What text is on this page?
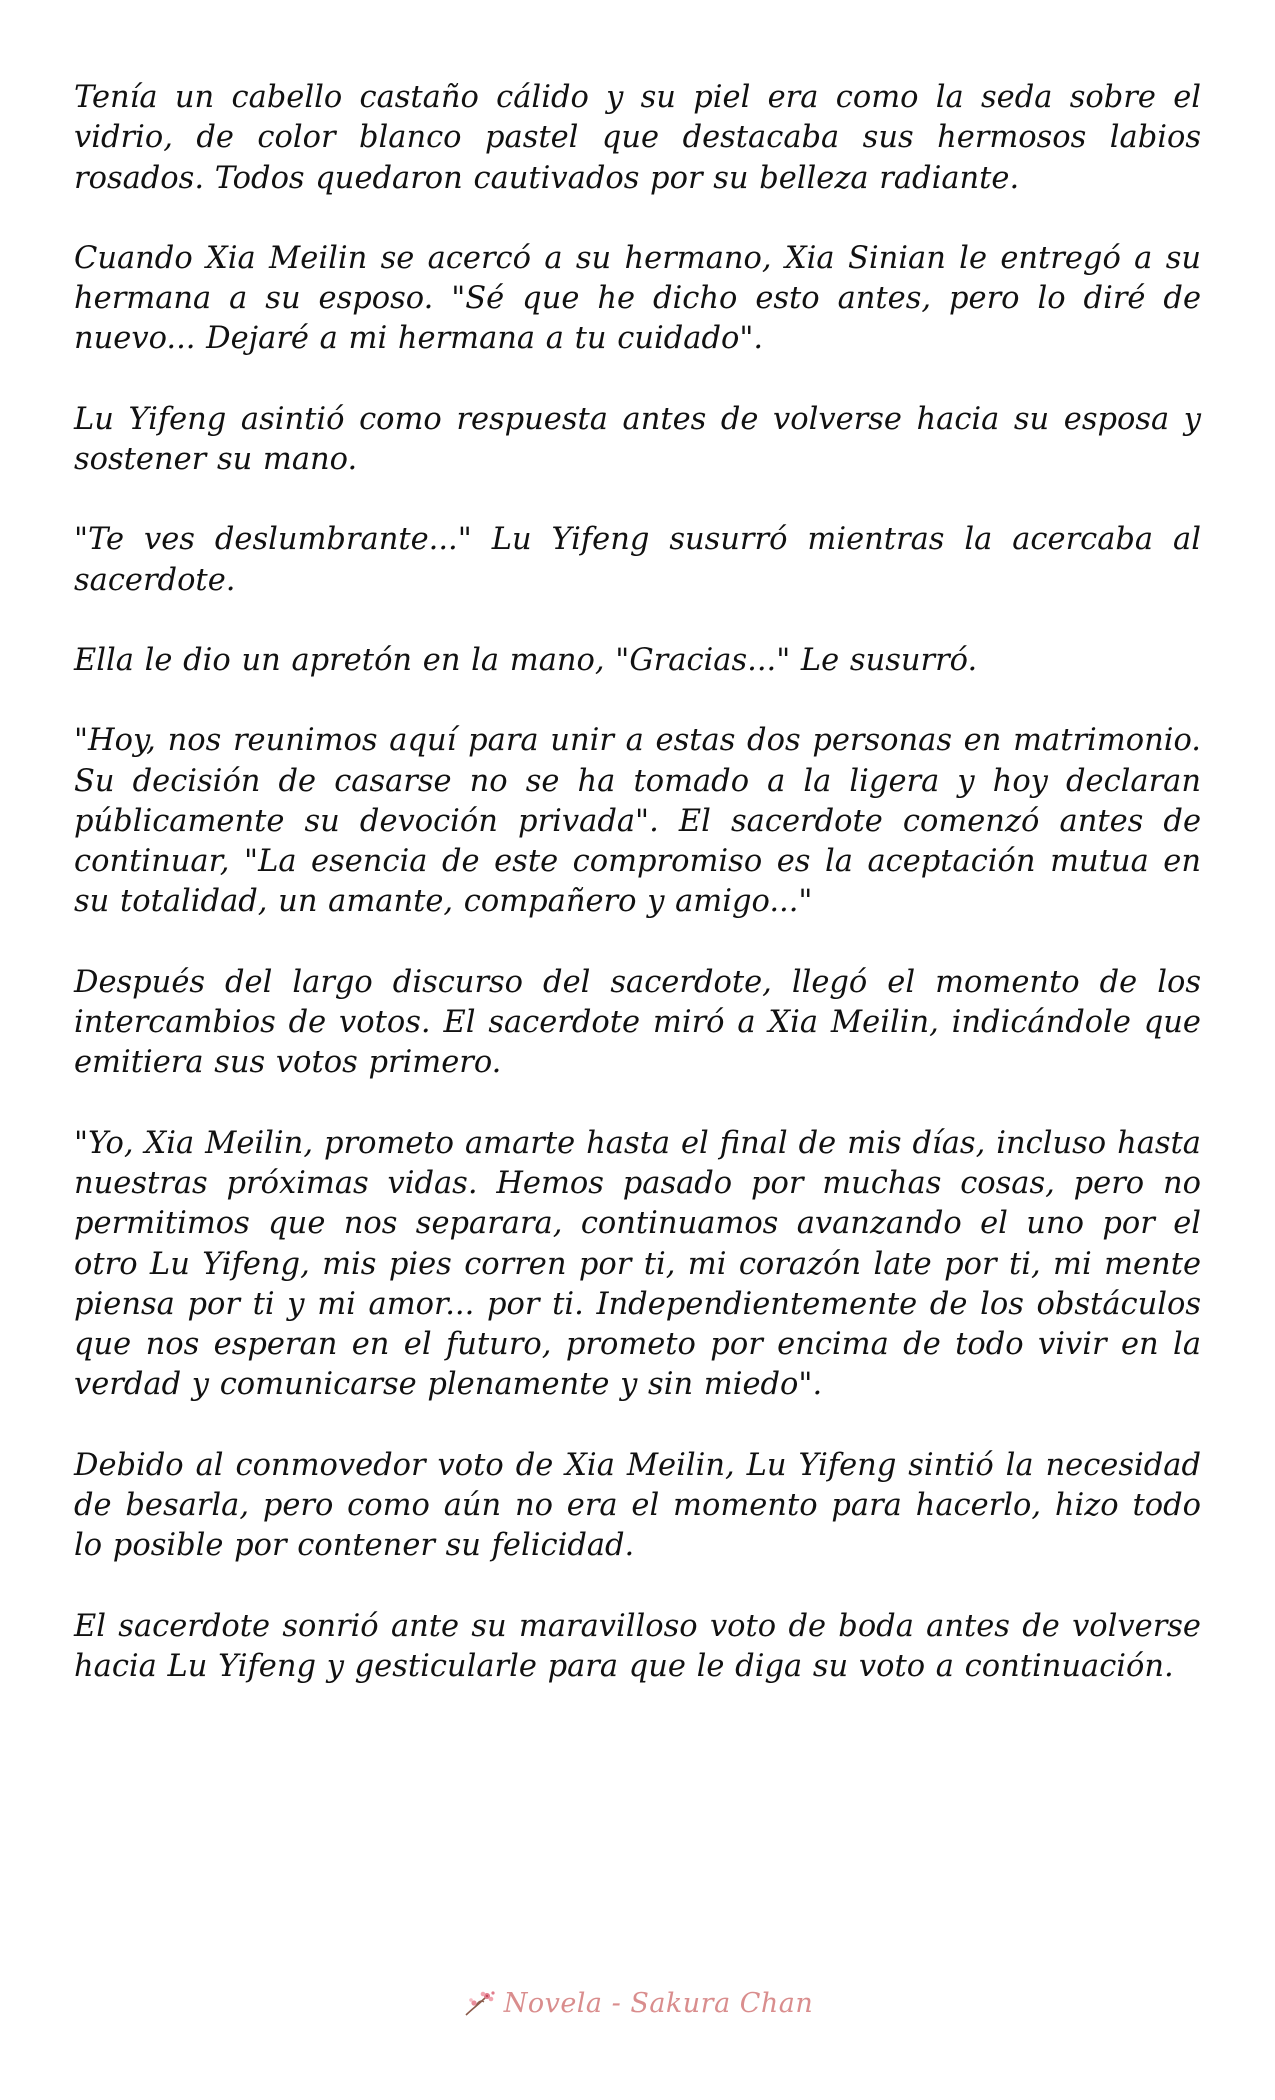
Tenía un cabello castaño cálido y su piel era como la seda sobre el vidrio, de color blanco pastel que destacaba sus hermosos labios rosados. Todos quedaron cautivados por su belleza radiante.

Cuando Xia Meilin se acercó a su hermano, Xia Sinian le entregó a su hermana a su esposo. "Sé que he dicho esto antes, pero lo diré de nuevo... Dejaré a mi hermana a tu cuidado".

Lu Yifeng asintió como respuesta antes de volverse hacia su esposa y sostener su mano.

"Te ves deslumbrante..." Lu Yifeng susurró mientras la acercaba al sacerdote.

Ella le dio un apretón en la mano, "Gracias..." Le susurró.

"Hoy, nos reunimos aquí para unir a estas dos personas en matrimonio. Su decisión de casarse no se ha tomado a la ligera y hoy declaran públicamente su devoción privada". El sacerdote comenzó antes de continuar, "La esencia de este compromiso es la aceptación mutua en su totalidad, un amante, compañero y amigo..."

Después del largo discurso del sacerdote, llegó el momento de los intercambios de votos. El sacerdote miró a Xia Meilin, indicándole que emitiera sus votos primero.

"Yo, Xia Meilin, prometo amarte hasta el final de mis días, incluso hasta nuestras próximas vidas. Hemos pasado por muchas cosas, pero no permitimos que nos separara, continuamos avanzando el uno por el otro Lu Yifeng, mis pies corren por ti, mi corazón late por ti, mi mente piensa por ti y mi amor... por ti. Independientemente de los obstáculos que nos esperan en el futuro, prometo por encima de todo vivir en la verdad y comunicarse plenamente y sin miedo".

Debido al conmovedor voto de Xia Meilin, Lu Yifeng sintió la necesidad de besarla, pero como aún no era el momento para hacerlo, hizo todo lo posible por contener su felicidad.

El sacerdote sonrió ante su maravilloso voto de boda antes de volverse hacia Lu Yifeng y gesticularle para que le diga su voto a continuación.

Novela - Sakura Chan
